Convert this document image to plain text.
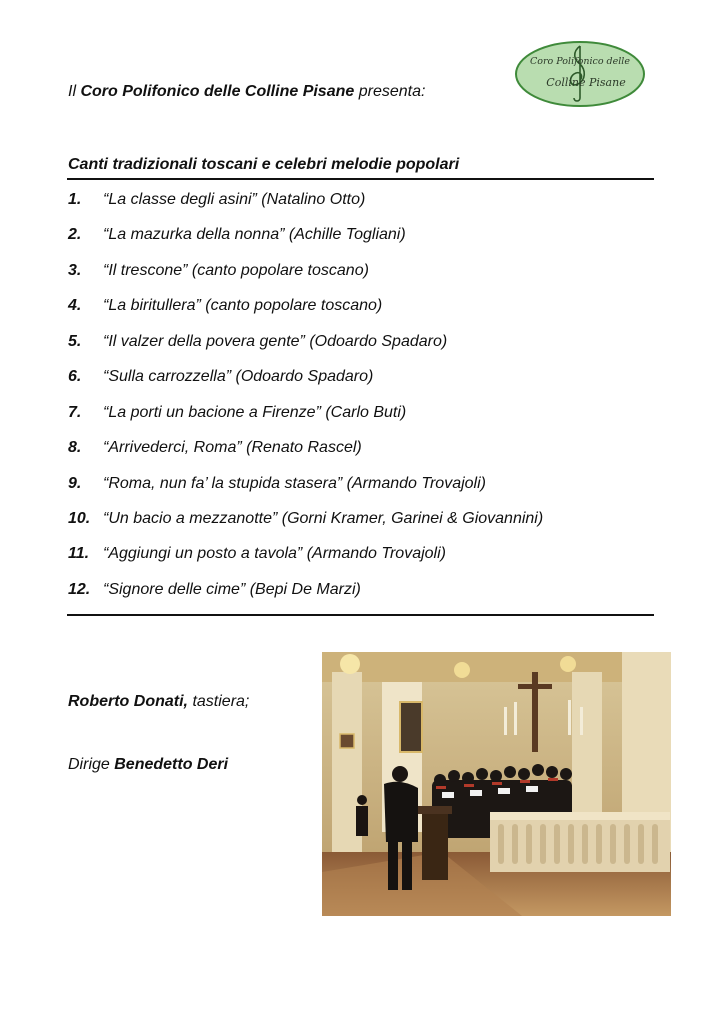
Il Coro Polifonico delle Colline Pisane presenta:
Coro Polifonico delle
Colline Pisane
Canti tradizionali toscani e celebri melodie popolari
1.	“La classe degli asini” (Natalino Otto)
2.	“La mazurka della nonna” (Achille Togliani)
3.	“Il trescone” (canto popolare toscano)
4.	“La biritullera” (canto popolare toscano)
5.	“Il valzer della povera gente” (Odoardo Spadaro)
6.	“Sulla carrozzella” (Odoardo Spadaro)
7.	“La porti un bacione a Firenze” (Carlo Buti)
8.	“Arrivederci, Roma” (Renato Rascel)
9.	“Roma, nun fa’ la stupida stasera” (Armando Trovajoli)
10. “Un bacio a mezzanotte” (Gorni Kramer, Garinei & Giovannini)
11. “Aggiungi un posto a tavola” (Armando Trovajoli)
12. “Signore delle cime” (Bepi De Marzi)
Roberto Donati, tastiera;
Dirige Benedetto Deri
